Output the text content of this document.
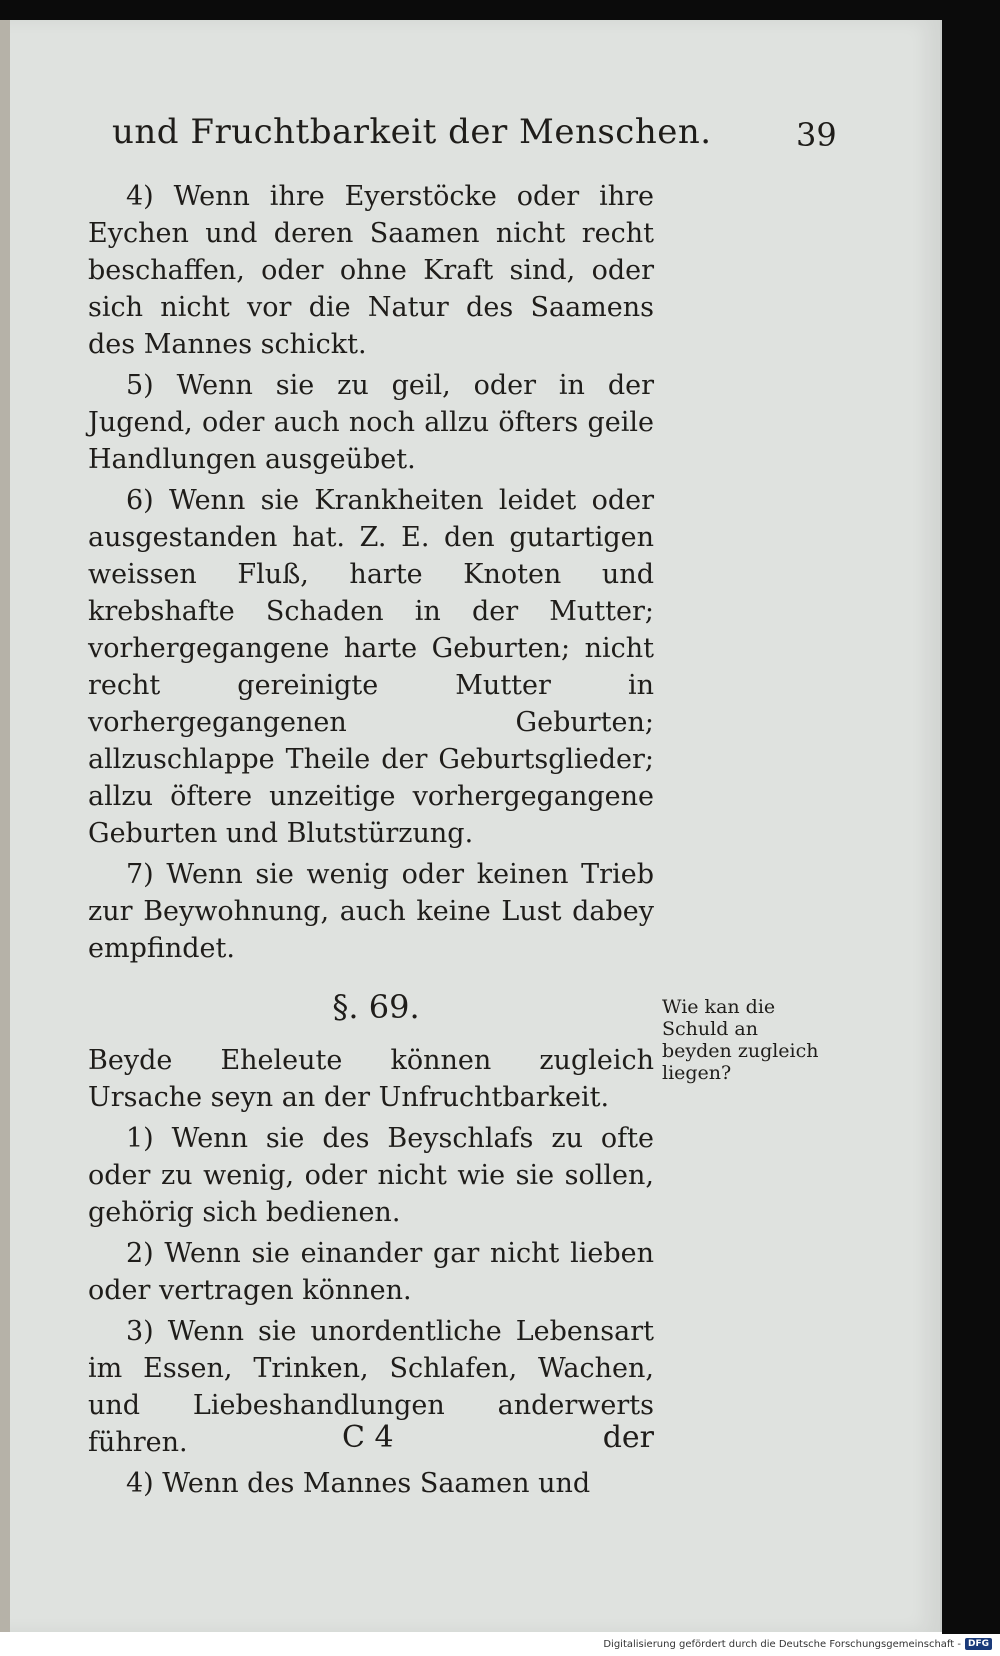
und Fruchtbarkeit der Menschen.	39

4) Wenn ihre Eyerstöcke oder ihre Eychen und deren Saamen nicht recht beschaffen, oder ohne Kraft sind, oder sich nicht vor die Natur des Saamens des Mannes schickt.

5) Wenn sie zu geil, oder in der Jugend, oder auch noch allzu öfters geile Handlungen ausgeübet.

6) Wenn sie Krankheiten leidet oder ausgestanden hat. Z. E. den gutartigen weissen Fluß, harte Knoten und krebshafte Schaden in der Mutter; vorhergegangene harte Geburten; nicht recht gereinigte Mutter in vorhergegangenen Geburten; allzuschlappe Theile der Geburtsglieder; allzu öftere unzeitige vorhergegangene Geburten und Blutstürzung.

7) Wenn sie wenig oder keinen Trieb zur Beywohnung, auch keine Lust dabey empfindet.

§. 69.

Beyde Eheleute können zugleich Ursache seyn an der Unfruchtbarkeit.

1) Wenn sie des Beyschlafs zu ofte oder zu wenig, oder nicht wie sie sollen, gehörig sich bedienen.

2) Wenn sie einander gar nicht lieben oder vertragen können.

3) Wenn sie unordentliche Lebensart im Essen, Trinken, Schlafen, Wachen, und Liebeshandlungen anderwerts führen.

4) Wenn des Mannes Saamen und

Wie kan die Schuld an beyden zugleich liegen?
C 4	der
Digitalisierung gefördert durch die Deutsche Forschungsgemeinschaft - DFG
